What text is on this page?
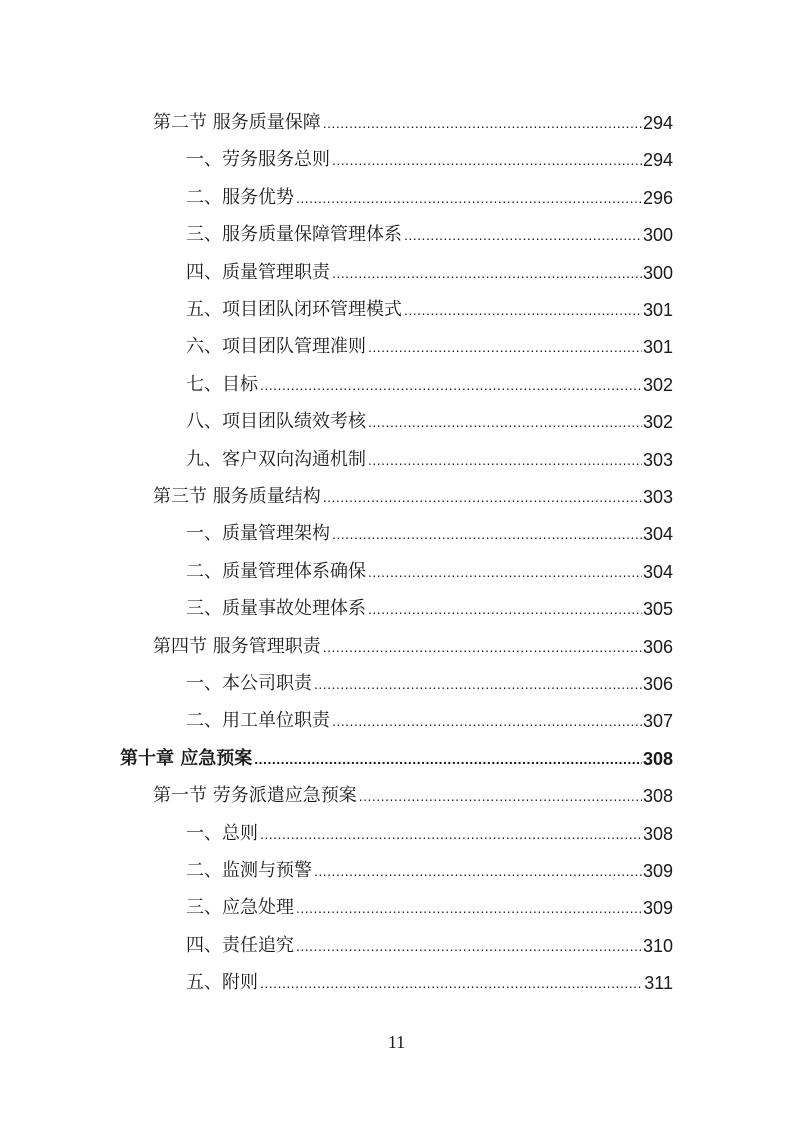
第二节 服务质量保障 .....	294
一、劳务服务总则 .....	294
二、服务优势 .....	296
三、服务质量保障管理体系 .....	300
四、质量管理职责 .....	300
五、项目团队闭环管理模式 .....	301
六、项目团队管理准则 .....	301
七、目标 .....	302
八、项目团队绩效考核 .....	302
九、客户双向沟通机制 .....	303
第三节 服务质量结构 .....	303
一、质量管理架构 .....	304
二、质量管理体系确保 .....	304
三、质量事故处理体系 .....	305
第四节 服务管理职责 .....	306
一、本公司职责 .....	306
二、用工单位职责 .....	307
第十章 应急预案 .....	308
第一节 劳务派遣应急预案 .....	308
一、总则 .....	308
二、监测与预警 .....	309
三、应急处理 .....	309
四、责任追究 .....	310
五、附则 .....	311
11
